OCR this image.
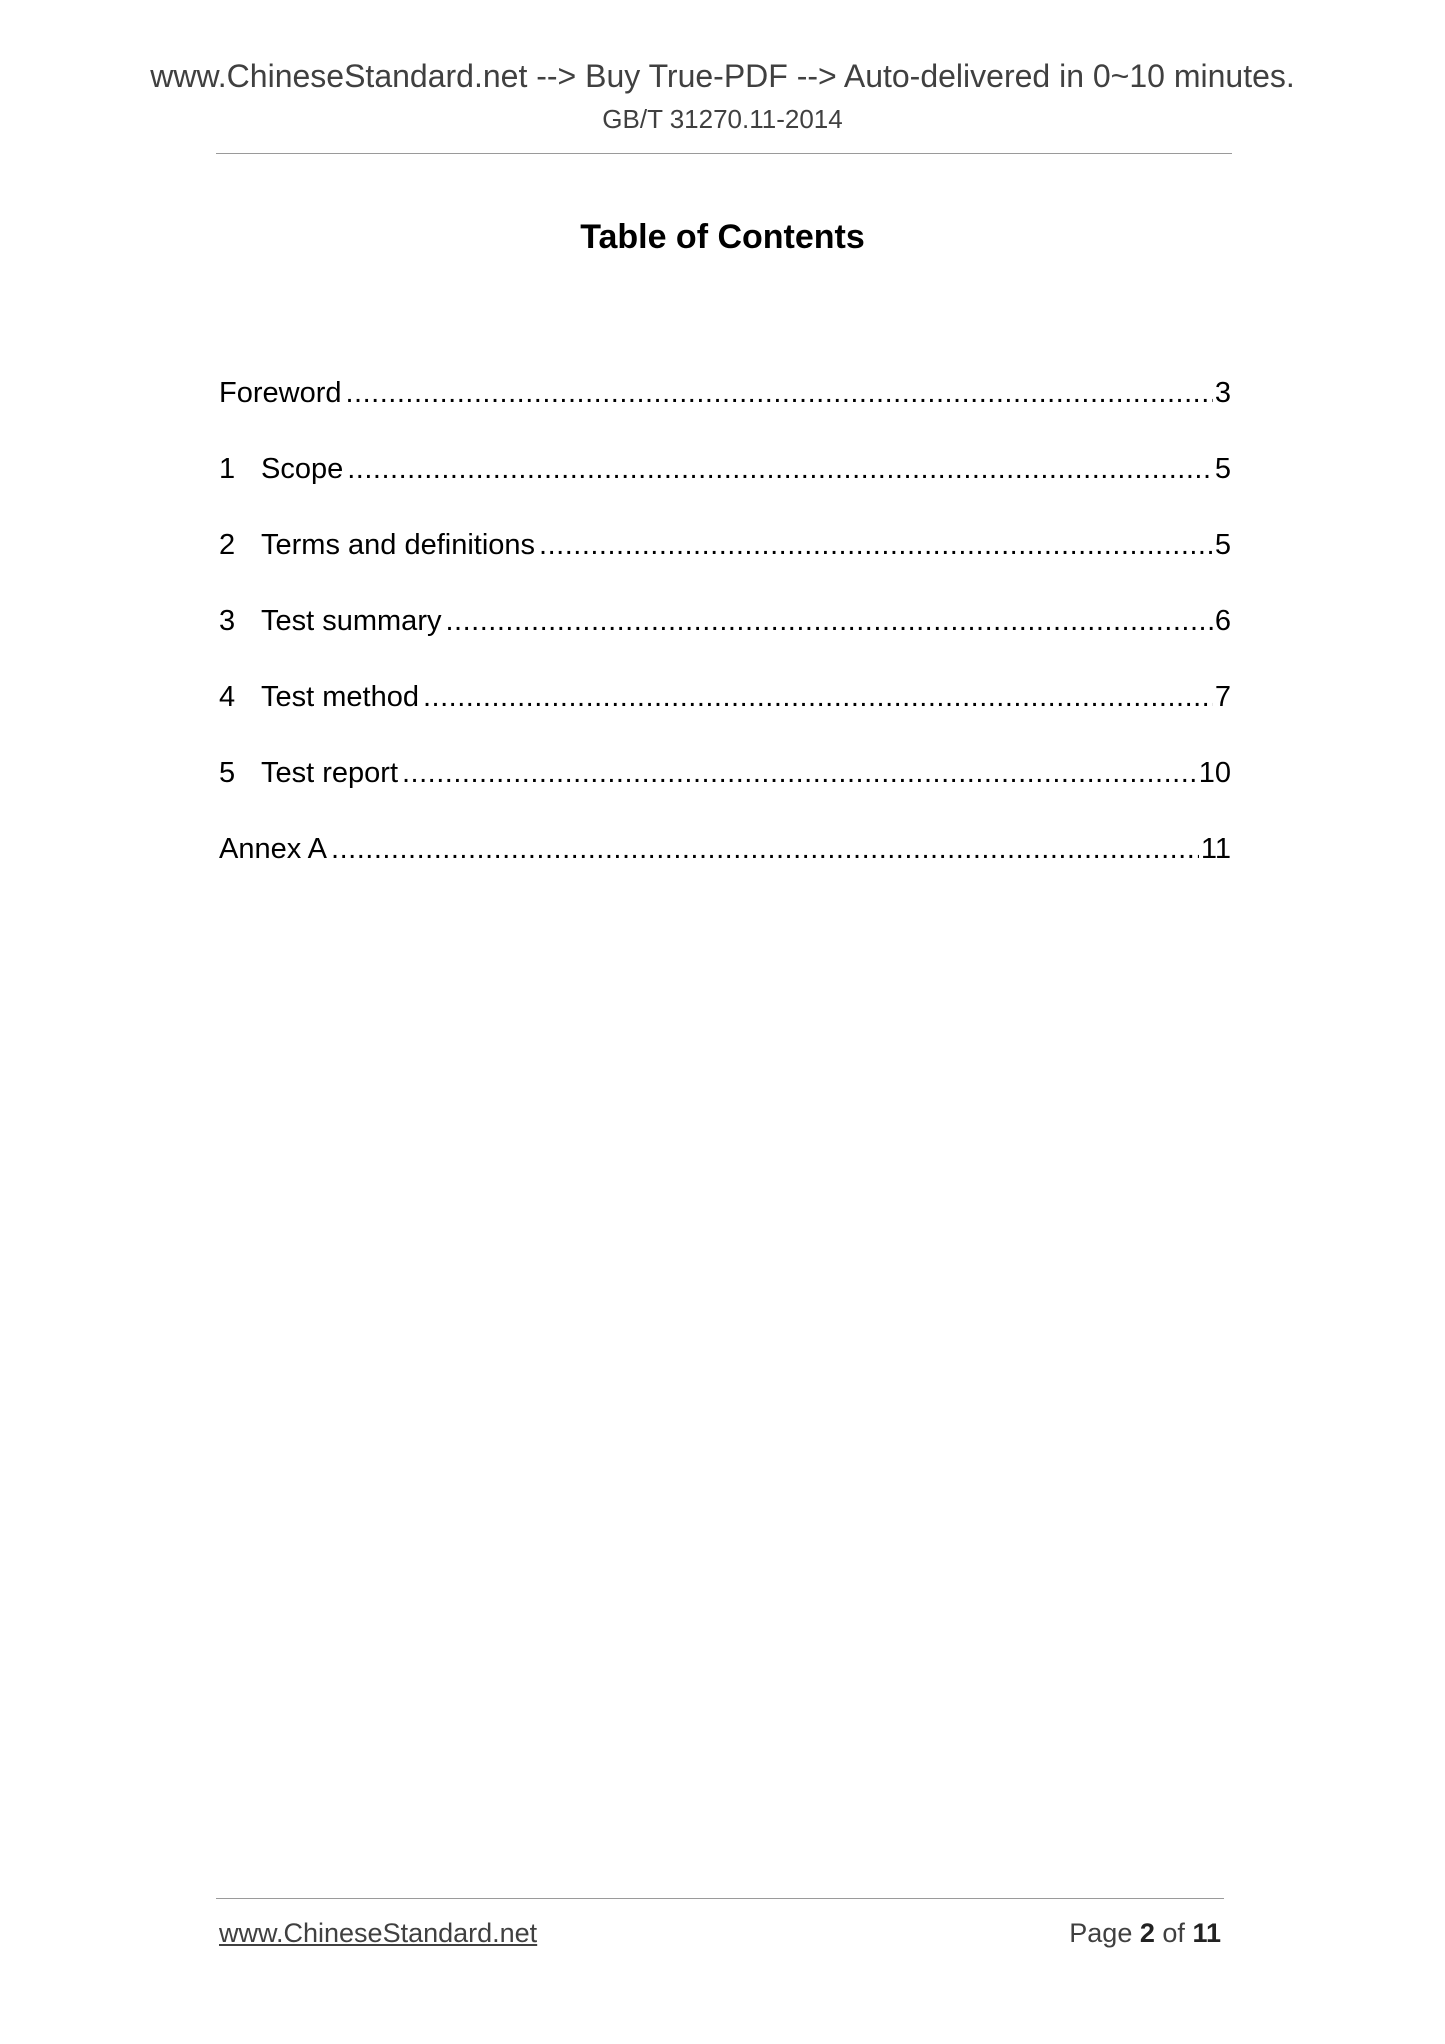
www.ChineseStandard.net --> Buy True-PDF --> Auto-delivered in 0~10 minutes.
GB/T 31270.11-2014
Table of Contents
Foreword .....	3
1 Scope .....	5
2 Terms and definitions .....	5
3 Test summary .....	6
4 Test method .....	7
5 Test report .....	10
Annex A .....	11
www.ChineseStandard.net	Page 2 of 11
